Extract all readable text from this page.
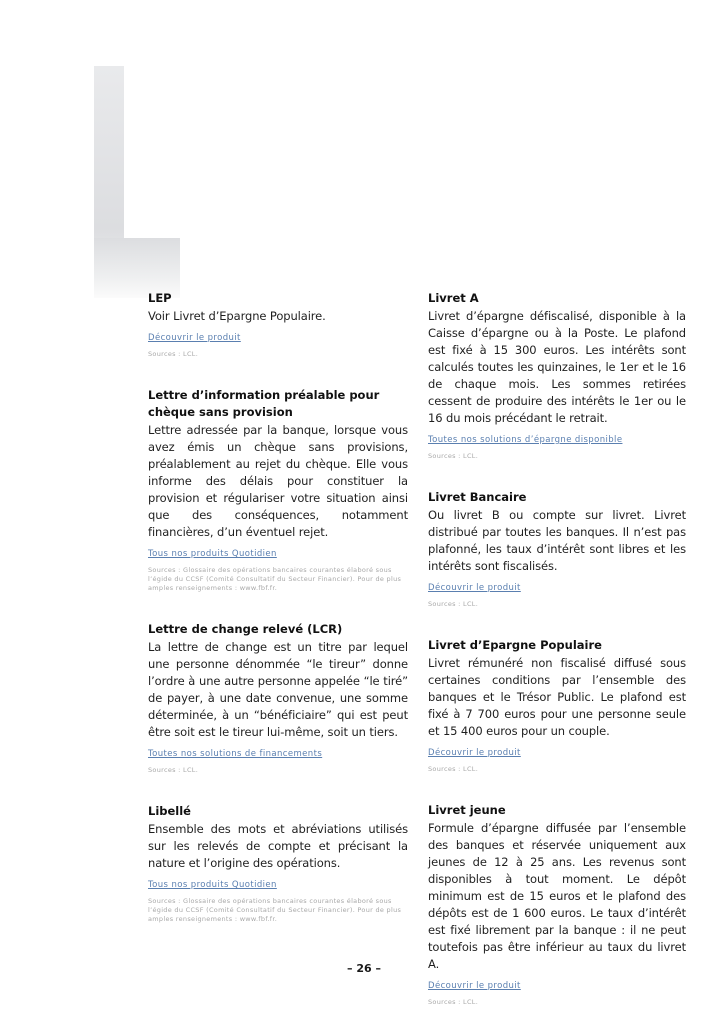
LEP
Voir Livret d’Epargne Populaire.
Découvrir le produit
Sources : LCL.
Lettre d’information préalable pour chèque sans provision
Lettre adressée par la banque, lorsque vous avez émis un chèque sans provisions, préalablement au rejet du chèque. Elle vous informe des délais pour constituer la provision et régulariser votre situation ainsi que des conséquences, notamment financières, d’un éventuel rejet.
Tous nos produits Quotidien
Sources : Glossaire des opérations bancaires courantes élaboré sous l’égide du CCSF (Comité Consultatif du Secteur Financier). Pour de plus amples renseignements : www.fbf.fr.
Lettre de change relevé (LCR)
La lettre de change est un titre par lequel une personne dénommée “le tireur” donne l’ordre à une autre personne appelée “le tiré” de payer, à une date convenue, une somme déterminée, à un “bénéficiaire” qui est peut être soit est le tireur lui-même, soit un tiers.
Toutes nos solutions de financements
Sources : LCL.
Libellé
Ensemble des mots et abréviations utilisés sur les relevés de compte et précisant la nature et l’origine des opérations.
Tous nos produits Quotidien
Sources : Glossaire des opérations bancaires courantes élaboré sous l’égide du CCSF (Comité Consultatif du Secteur Financier). Pour de plus amples renseignements : www.fbf.fr.
Livret A
Livret d’épargne défiscalisé, disponible à la Caisse d’épargne ou à la Poste. Le plafond est fixé à 15 300 euros. Les intérêts sont calculés toutes les quinzaines, le 1er et le 16 de chaque mois. Les sommes retirées cessent de produire des intérêts le 1er ou le 16 du mois précédant le retrait.
Toutes nos solutions d’épargne disponible
Sources : LCL.
Livret Bancaire
Ou livret B ou compte sur livret. Livret distribué par toutes les banques. Il n’est pas plafonné, les taux d’intérêt sont libres et les intérêts sont fiscalisés.
Découvrir le produit
Sources : LCL.
Livret d’Epargne Populaire
Livret rémunéré non fiscalisé diffusé sous certaines conditions par l’ensemble des banques et le Trésor Public. Le plafond est fixé à 7 700 euros pour une personne seule et 15 400 euros pour un couple.
Découvrir le produit
Sources : LCL.
Livret jeune
Formule d’épargne diffusée par l’ensemble des banques et réservée uniquement aux jeunes de 12 à 25 ans. Les revenus sont disponibles à tout moment. Le dépôt minimum est de 15 euros et le plafond des dépôts est de 1 600 euros. Le taux d’intérêt est fixé librement par la banque : il ne peut toutefois pas être inférieur au taux du livret A.
Découvrir le produit
Sources : LCL.
– 26 –
